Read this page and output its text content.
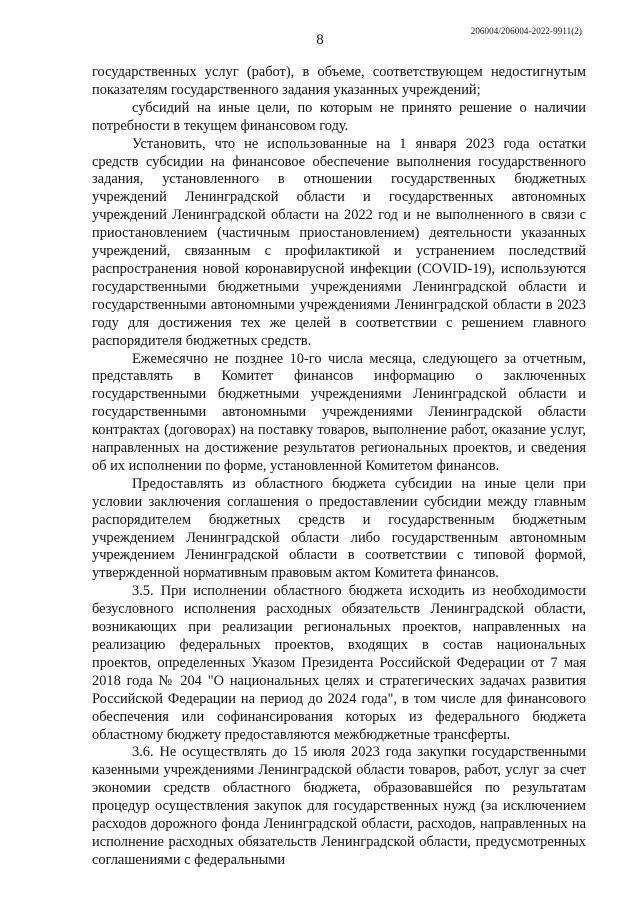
206004/206004-2022-9911(2)
8

государственных услуг (работ), в объеме, соответствующем недостигнутым показателям государственного задания указанных учреждений;

субсидий на иные цели, по которым не принято решение о наличии потребности в текущем финансовом году.

Установить, что не использованные на 1 января 2023 года остатки средств субсидии на финансовое обеспечение выполнения государственного задания, установленного в отношении государственных бюджетных учреждений Ленинградской области и государственных автономных учреждений Ленинградской области на 2022 год и не выполненного в связи с приостановлением (частичным приостановлением) деятельности указанных учреждений, связанным с профилактикой и устранением последствий распространения новой коронавирусной инфекции (COVID-19), используются государственными бюджетными учреждениями Ленинградской области и государственными автономными учреждениями Ленинградской области в 2023 году для достижения тех же целей в соответствии с решением главного распорядителя бюджетных средств.

Ежемесячно не позднее 10-го числа месяца, следующего за отчетным, представлять в Комитет финансов информацию о заключенных государственными бюджетными учреждениями Ленинградской области и государственными автономными учреждениями Ленинградской области контрактах (договорах) на поставку товаров, выполнение работ, оказание услуг, направленных на достижение результатов региональных проектов, и сведения об их исполнении по форме, установленной Комитетом финансов.

Предоставлять из областного бюджета субсидии на иные цели при условии заключения соглашения о предоставлении субсидии между главным распорядителем бюджетных средств и государственным бюджетным учреждением Ленинградской области либо государственным автономным учреждением Ленинградской области в соответствии с типовой формой, утвержденной нормативным правовым актом Комитета финансов.

3.5. При исполнении областного бюджета исходить из необходимости безусловного исполнения расходных обязательств Ленинградской области, возникающих при реализации региональных проектов, направленных на реализацию федеральных проектов, входящих в состав национальных проектов, определенных Указом Президента Российской Федерации от 7 мая 2018 года № 204 "О национальных целях и стратегических задачах развития Российской Федерации на период до 2024 года", в том числе для финансового обеспечения или софинансирования которых из федерального бюджета областному бюджету предоставляются межбюджетные трансферты.

3.6. Не осуществлять до 15 июля 2023 года закупки государственными казенными учреждениями Ленинградской области товаров, работ, услуг за счет экономии средств областного бюджета, образовавшейся по результатам процедур осуществления закупок для государственных нужд (за исключением расходов дорожного фонда Ленинградской области, расходов, направленных на исполнение расходных обязательств Ленинградской области, предусмотренных соглашениями с федеральными
